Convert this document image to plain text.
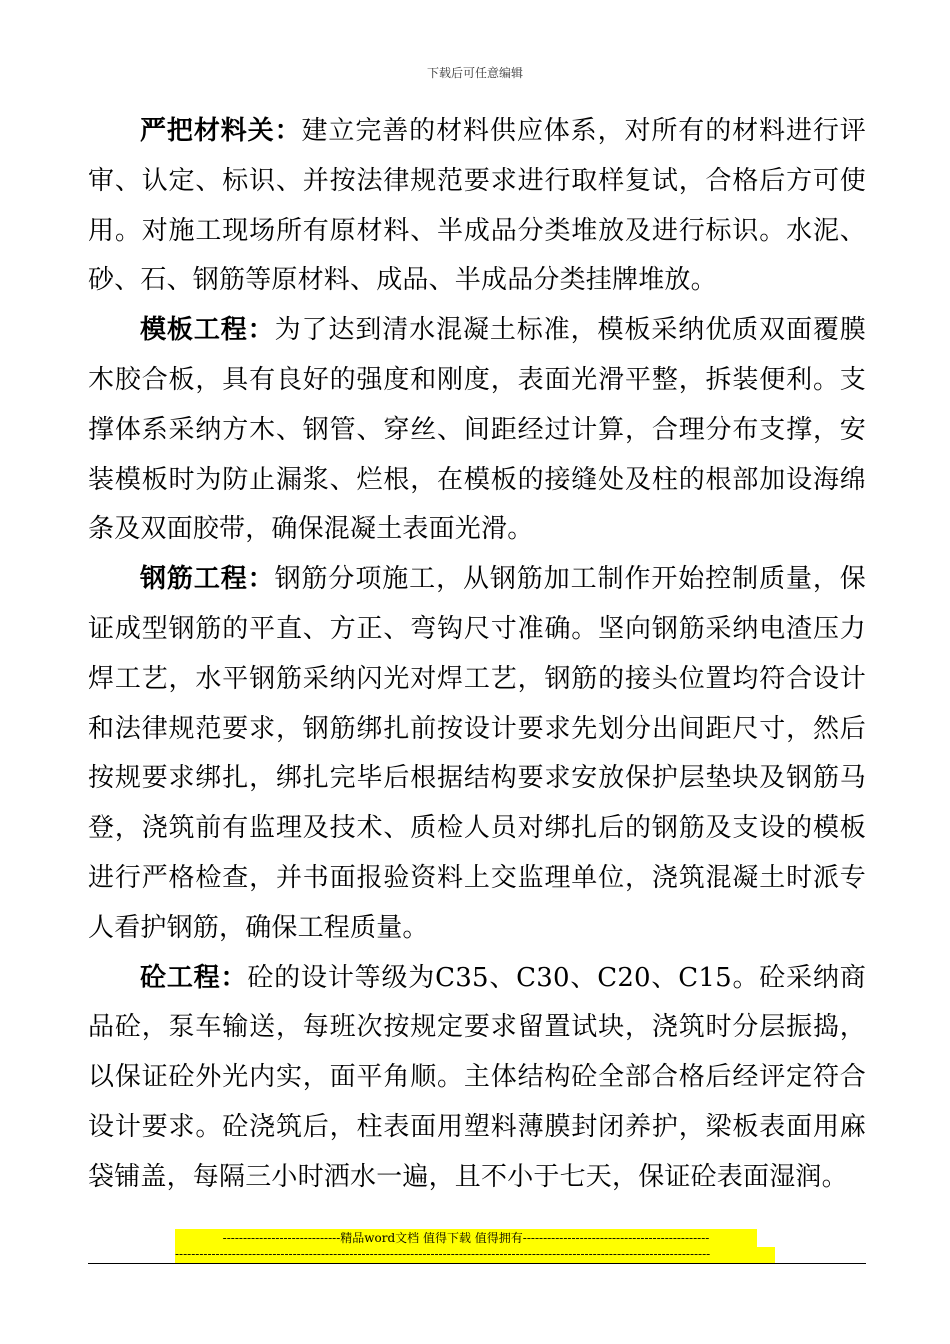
下载后可任意编辑

严把材料关：建立完善的材料供应体系，对所有的材料进行评审、认定、标识、并按法律规范要求进行取样复试，合格后方可使用。对施工现场所有原材料、半成品分类堆放及进行标识。水泥、砂、石、钢筋等原材料、成品、半成品分类挂牌堆放。

模板工程：为了达到清水混凝土标准，模板采纳优质双面覆膜木胶合板，具有良好的强度和刚度，表面光滑平整，拆装便利。支撑体系采纳方木、钢管、穿丝、间距经过计算，合理分布支撑，安装模板时为防止漏浆、烂根，在模板的接缝处及柱的根部加设海绵条及双面胶带，确保混凝土表面光滑。

钢筋工程：钢筋分项施工，从钢筋加工制作开始控制质量，保证成型钢筋的平直、方正、弯钩尺寸准确。坚向钢筋采纳电渣压力焊工艺，水平钢筋采纳闪光对焊工艺，钢筋的接头位置均符合设计和法律规范要求，钢筋绑扎前按设计要求先划分出间距尺寸，然后按规要求绑扎，绑扎完毕后根据结构要求安放保护层垫块及钢筋马登，浇筑前有监理及技术、质检人员对绑扎后的钢筋及支设的模板进行严格检查，并书面报验资料上交监理单位，浇筑混凝土时派专人看护钢筋，确保工程质量。

砼工程：砼的设计等级为C35、C30、C20、C15。砼采纳商品砼，泵车输送，每班次按规定要求留置试块，浇筑时分层振捣，以保证砼外光内实，面平角顺。主体结构砼全部合格后经评定符合设计要求。砼浇筑后，柱表面用塑料薄膜封闭养护，梁板表面用麻袋铺盖，每隔三小时洒水一遍，且不小于七天，保证砼表面湿润。

-----------------------------精品word文档 值得下载 值得拥有----------------------------------------------
------------------------------------------------------------------------------------------------------------------------------------
